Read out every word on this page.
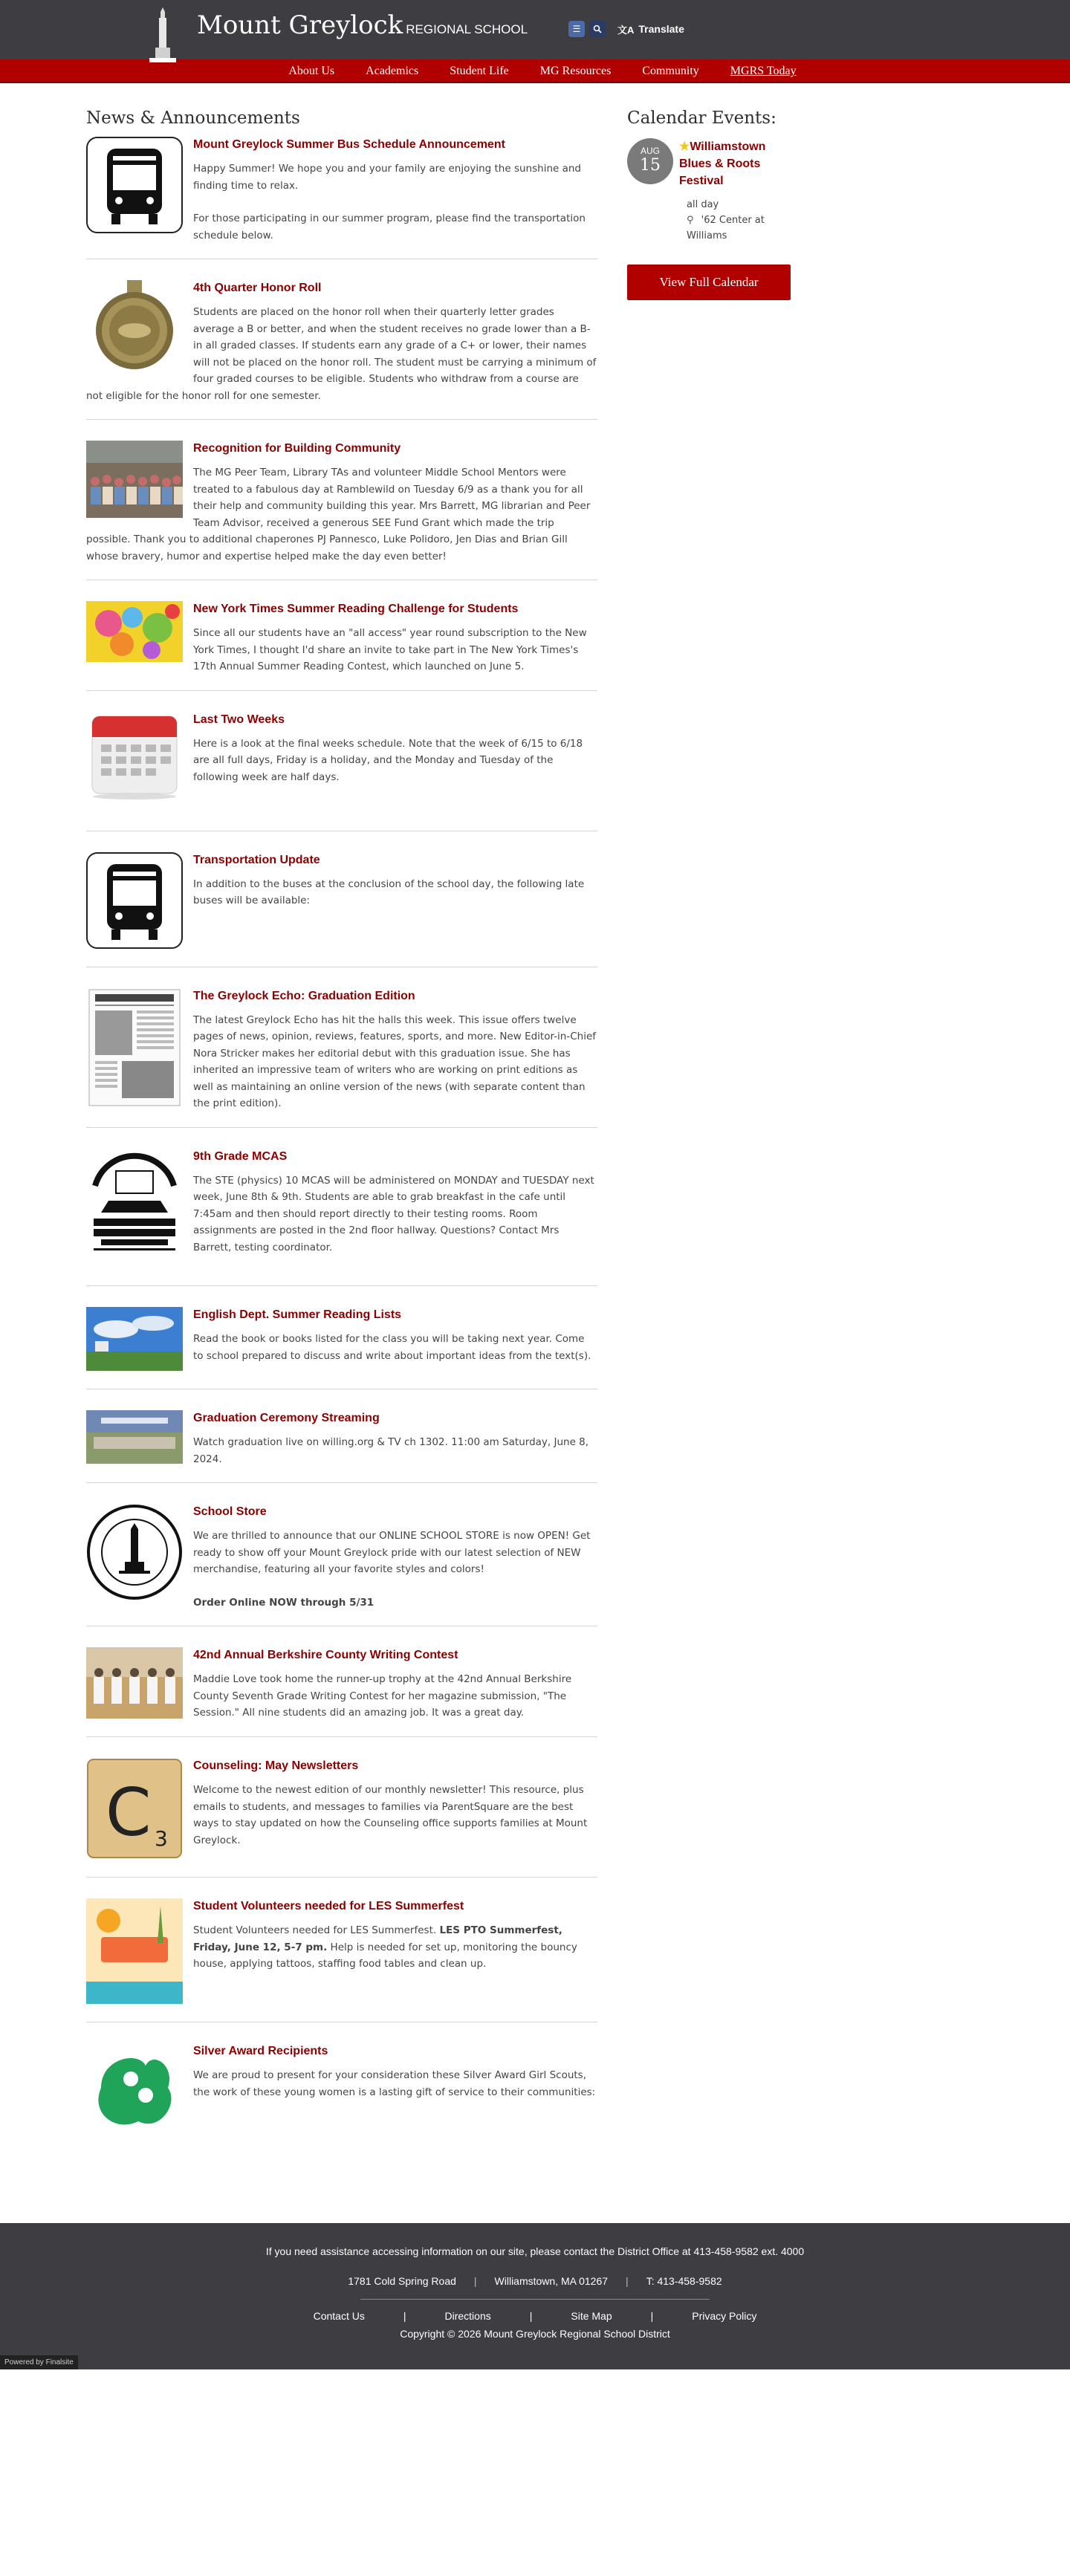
Mount Greylock REGIONAL SCHOOL	☰	文A Translate
About Us	Academics	Student Life	MG Resources	Community	MGRS Today
News & Announcements
Mount Greylock Summer Bus Schedule Announcement

Happy Summer! We hope you and your family are enjoying the sunshine and finding time to relax.

For those participating in our summer program, please find the transportation schedule below.

4th Quarter Honor Roll

Students are placed on the honor roll when their quarterly letter grades average a B or better, and when the student receives no grade lower than a B- in all graded classes. If students earn any grade of a C+ or lower, their names will not be placed on the honor roll. The student must be carrying a minimum of four graded courses to be eligible. Students who withdraw from a course are not eligible for the honor roll for one semester.

Recognition for Building Community

The MG Peer Team, Library TAs and volunteer Middle School Mentors were treated to a fabulous day at Ramblewild on Tuesday 6/9 as a thank you for all their help and community building this year. Mrs Barrett, MG librarian and Peer Team Advisor, received a generous SEE Fund Grant which made the trip possible. Thank you to additional chaperones PJ Pannesco, Luke Polidoro, Jen Dias and Brian Gill whose bravery, humor and expertise helped make the day even better!

New York Times Summer Reading Challenge for Students

Since all our students have an "all access" year round subscription to the New York Times, I thought I'd share an invite to take part in The New York Times's 17th Annual Summer Reading Contest, which launched on June 5.

Last Two Weeks

Here is a look at the final weeks schedule. Note that the week of 6/15 to 6/18 are all full days, Friday is a holiday, and the Monday and Tuesday of the following week are half days.

Transportation Update

In addition to the buses at the conclusion of the school day, the following late buses will be available:

The Greylock Echo: Graduation Edition

The latest Greylock Echo has hit the halls this week. This issue offers twelve pages of news, opinion, reviews, features, sports, and more. New Editor-in-Chief Nora Stricker makes her editorial debut with this graduation issue. She has inherited an impressive team of writers who are working on print editions as well as maintaining an online version of the news (with separate content than the print edition).

9th Grade MCAS

The STE (physics) 10 MCAS will be administered on MONDAY and TUESDAY next week, June 8th & 9th. Students are able to grab breakfast in the cafe until 7:45am and then should report directly to their testing rooms. Room assignments are posted in the 2nd floor hallway. Questions? Contact Mrs Barrett, testing coordinator.

English Dept. Summer Reading Lists

Read the book or books listed for the class you will be taking next year. Come to school prepared to discuss and write about important ideas from the text(s).

Graduation Ceremony Streaming

Watch graduation live on willing.org & TV ch 1302. 11:00 am Saturday, June 8, 2024.

School Store

We are thrilled to announce that our ONLINE SCHOOL STORE is now OPEN! Get ready to show off your Mount Greylock pride with our latest selection of NEW merchandise, featuring all your favorite styles and colors!

Order Online NOW through 5/31

42nd Annual Berkshire County Writing Contest

Maddie Love took home the runner-up trophy at the 42nd Annual Berkshire County Seventh Grade Writing Contest for her magazine submission, "The Session." All nine students did an amazing job. It was a great day.

C 3
Counseling: May Newsletters

Welcome to the newest edition of our monthly newsletter! This resource, plus emails to students, and messages to families via ParentSquare are the best ways to stay updated on how the Counseling office supports families at Mount Greylock.

Student Volunteers needed for LES Summerfest

Student Volunteers needed for LES Summerfest. LES PTO Summerfest, Friday, June 12, 5-7 pm. Help is needed for set up, monitoring the bouncy house, applying tattoos, staffing food tables and clean up.

Silver Award Recipients

We are proud to present for your consideration these Silver Award Girl Scouts, the work of these young women is a lasting gift of service to their communities:

Calendar Events:
AUG
15
★Williamstown Blues & Roots Festival
all day
⚲ '62 Center at Williams
View Full Calendar
If you need assistance accessing information on our site, please contact the District Office at 413-458-9582 ext. 4000
1781 Cold Spring Road | Williamstown, MA 01267 | T: 413-458-9582
Contact Us	|	Directions	|	Site Map	|	Privacy Policy
Copyright © 2026 Mount Greylock Regional School District
Powered by Finalsite
